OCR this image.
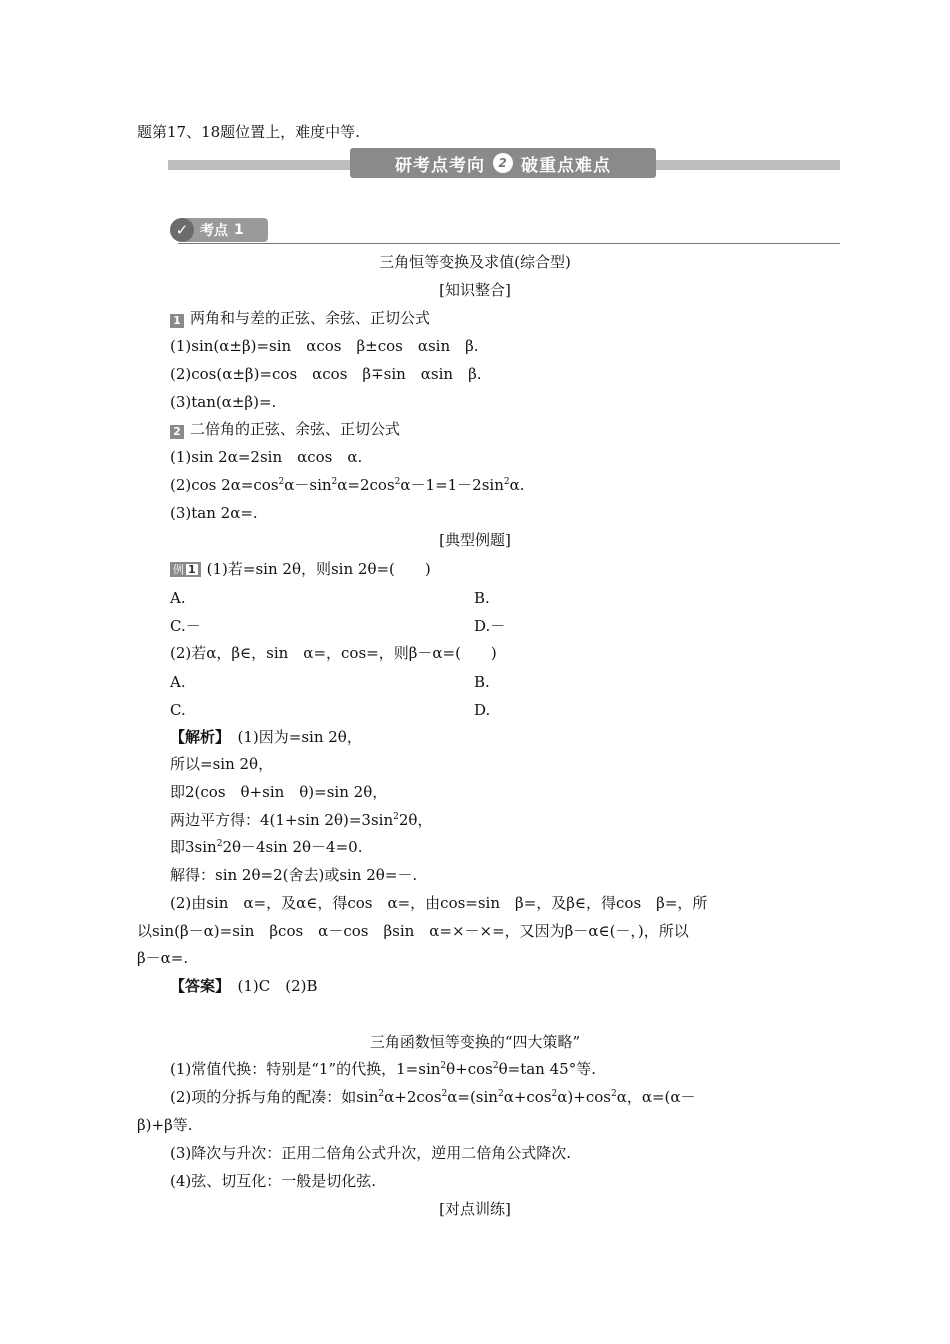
题第17、18题位置上，难度中等.
研考点考向	2 破重点难点
✓ 考点 1
三角恒等变换及求值(综合型)
[知识整合]
1 两角和与差的正弦、余弦、正切公式
(1)sin(α±β)=sin　αcos　β±cos　αsin　β.
(2)cos(α±β)=cos　αcos　β∓sin　αsin　β.
(3)tan(α±β)=.
2 二倍角的正弦、余弦、正切公式
(1)sin 2α=2sin　αcos　α.
(2)cos $2\alpha=\cos^2\alpha-\sin^2\alpha=2\cos^2\alpha-1=1-2\sin^2\alpha$.
(3)tan 2α=.
[典型例题]
例 1 (1)若=sin 2θ，则sin 2θ=(　　)
A.	B.
C.－	D.－
(2)若α，β∈，sin　α=，cos=，则β－α=(　　)
A.	B.
C.	D.
【解析】　(1)因为=sin 2θ，
所以=sin 2θ，
即2(cos　θ+sin　θ)=sin 2θ，
两边平方得：4(1+sin $2\theta)=3\sin^22\theta$，
即$3\sin^22\theta-4\sin$ 2θ－4=0.
解得：sin 2θ=2(舍去)或sin 2θ=－.
(2)由sin　α=，及α∈，得cos　α=，由cos=sin　β=，及β∈，得cos　β=，所
以sin(β－α)=sin　βcos　α－cos　βsin　α=×－×=，又因为β－α∈(－，)，所以
β－α=.
【答案】　(1)C　(2)B
三角函数恒等变换的“四大策略”
(1)常值代换：特别是“1”的代换，$1=\sin^2\theta+\cos^2\theta=\tan$ 45°等.
(2)项的分拆与角的配凑：如$\sin^2\alpha+2\cos^2\alpha=(\sin^2\alpha+\cos^2\alpha)+\cos^2\alpha$，α=(α－
β)+β等.
(3)降次与升次：正用二倍角公式升次，逆用二倍角公式降次.
(4)弦、切互化：一般是切化弦.
[对点训练]
